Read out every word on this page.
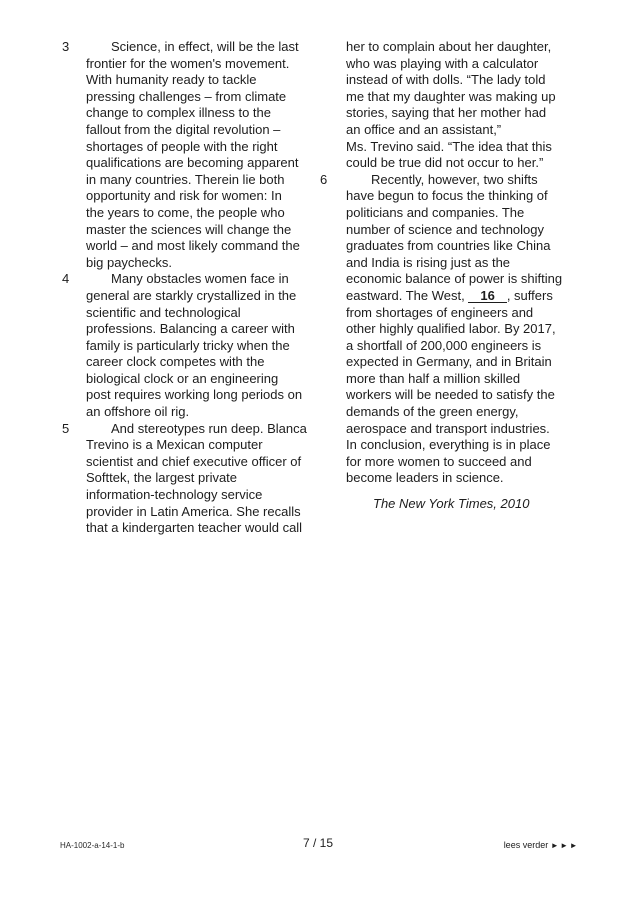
3	Science, in effect, will be the last
frontier for the women's movement.
With humanity ready to tackle
pressing challenges – from climate
change to complex illness to the
fallout from the digital revolution –
shortages of people with the right
qualifications are becoming apparent
in many countries. Therein lie both
opportunity and risk for women: In
the years to come, the people who
master the sciences will change the
world – and most likely command the
big paychecks.
4	Many obstacles women face in
general are starkly crystallized in the
scientific and technological
professions. Balancing a career with
family is particularly tricky when the
career clock competes with the
biological clock or an engineering
post requires working long periods on
an offshore oil rig.
5	And stereotypes run deep. Blanca
Trevino is a Mexican computer
scientist and chief executive officer of
Softtek, the largest private
information-technology service
provider in Latin America. She recalls
that a kindergarten teacher would call
her to complain about her daughter,
who was playing with a calculator
instead of with dolls. “The lady told
me that my daughter was making up
stories, saying that her mother had
an office and an assistant,”
Ms. Trevino said. “The idea that this
could be true did not occur to her.”
6	Recently, however, two shifts
have begun to focus the thinking of
politicians and companies. The
number of science and technology
graduates from countries like China
and India is rising just as the
economic balance of power is shifting
eastward. The West, 16 , suffers
from shortages of engineers and
other highly qualified labor. By 2017,
a shortfall of 200,000 engineers is
expected in Germany, and in Britain
more than half a million skilled
workers will be needed to satisfy the
demands of the green energy,
aerospace and transport industries.
In conclusion, everything is in place
for more women to succeed and
become leaders in science.
The New York Times, 2010
HA-1002-a-14-1-b	7 / 15	lees verder ►►►
